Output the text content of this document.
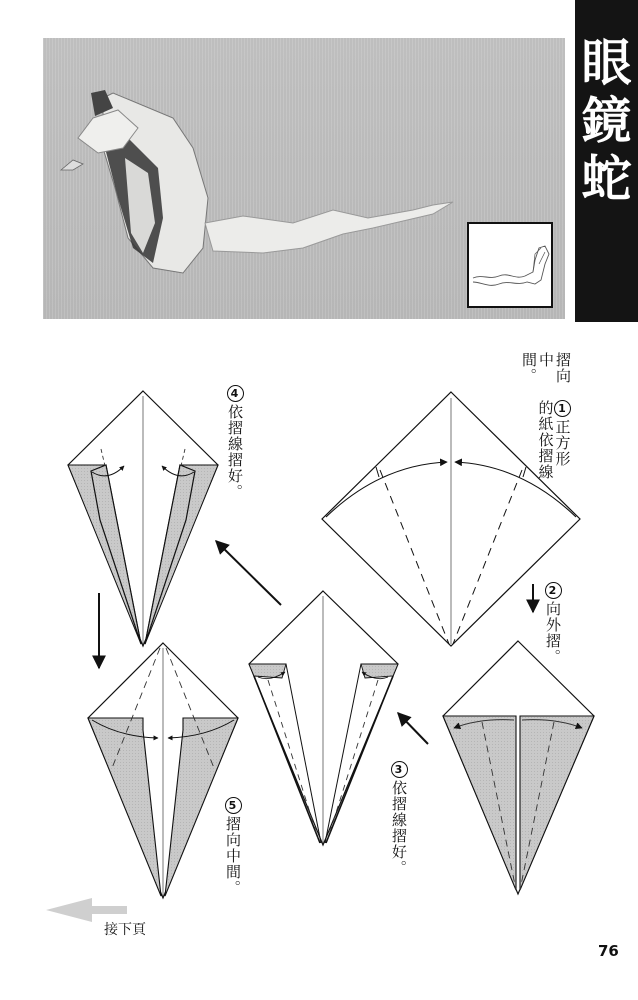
眼
鏡
蛇
1正方形的紙依摺線
摺向中間。
2向外摺。
3依摺線摺好。
4依摺線摺好。
5摺向中間。
接下頁
76
